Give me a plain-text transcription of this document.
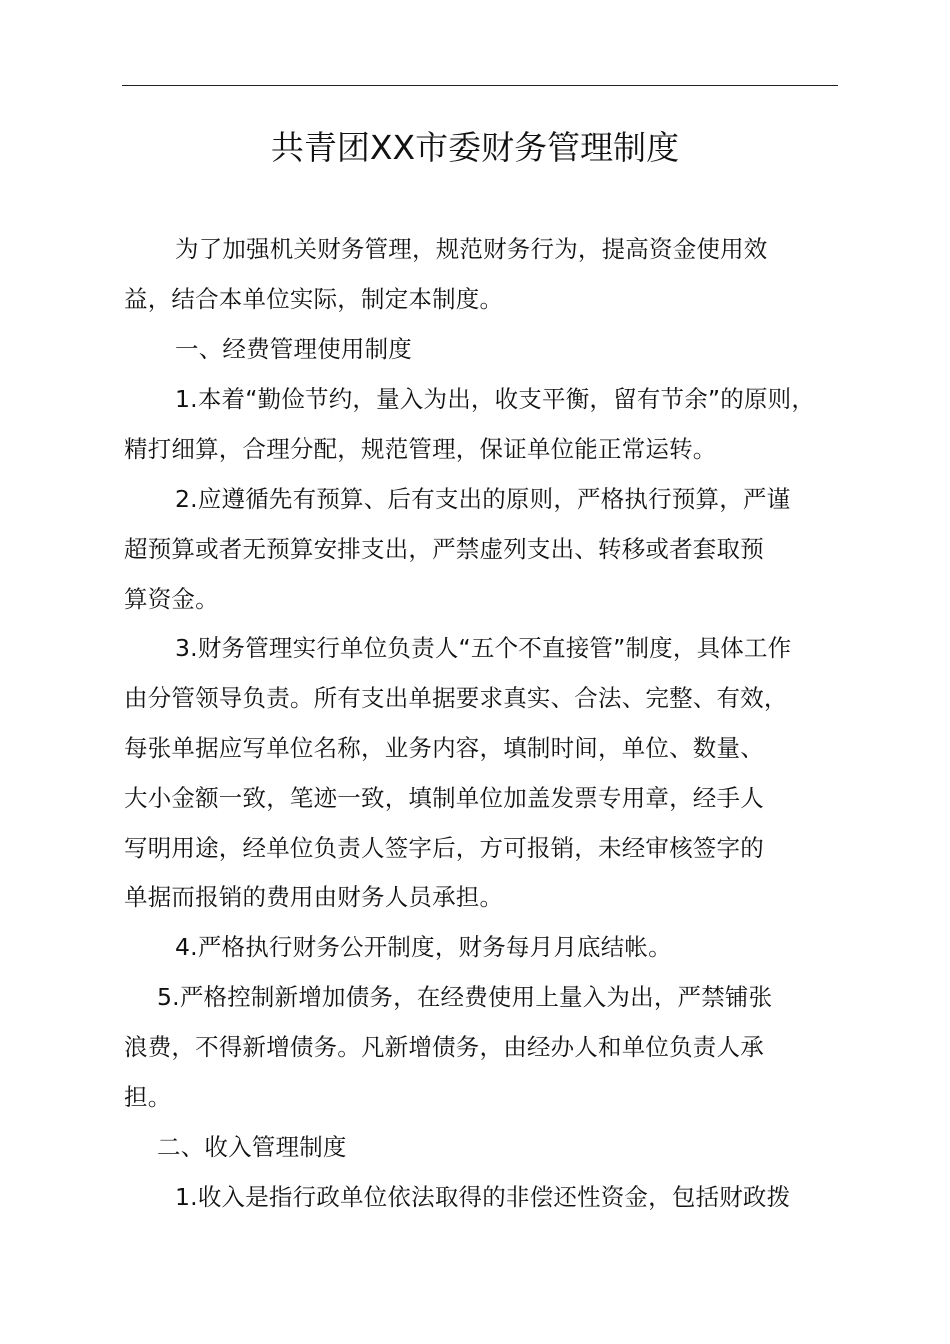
共青团XX市委财务管理制度
为了加强机关财务管理，规范财务行为，提高资金使用效
益，结合本单位实际，制定本制度。
一、经费管理使用制度
1.本着“勤俭节约，量入为出，收支平衡，留有节余”的原则，
精打细算，合理分配，规范管理，保证单位能正常运转。
2.应遵循先有预算、后有支出的原则，严格执行预算，严谨
超预算或者无预算安排支出，严禁虚列支出、转移或者套取预
算资金。
3.财务管理实行单位负责人“五个不直接管”制度，具体工作
由分管领导负责。所有支出单据要求真实、合法、完整、有效，
每张单据应写单位名称，业务内容，填制时间，单位、数量、
大小金额一致，笔迹一致，填制单位加盖发票专用章，经手人
写明用途，经单位负责人签字后，方可报销，未经审核签字的
单据而报销的费用由财务人员承担。
4.严格执行财务公开制度，财务每月月底结帐。
5.严格控制新增加债务，在经费使用上量入为出，严禁铺张
浪费，不得新增债务。凡新增债务，由经办人和单位负责人承
担。
二、收入管理制度
1.收入是指行政单位依法取得的非偿还性资金，包括财政拨
